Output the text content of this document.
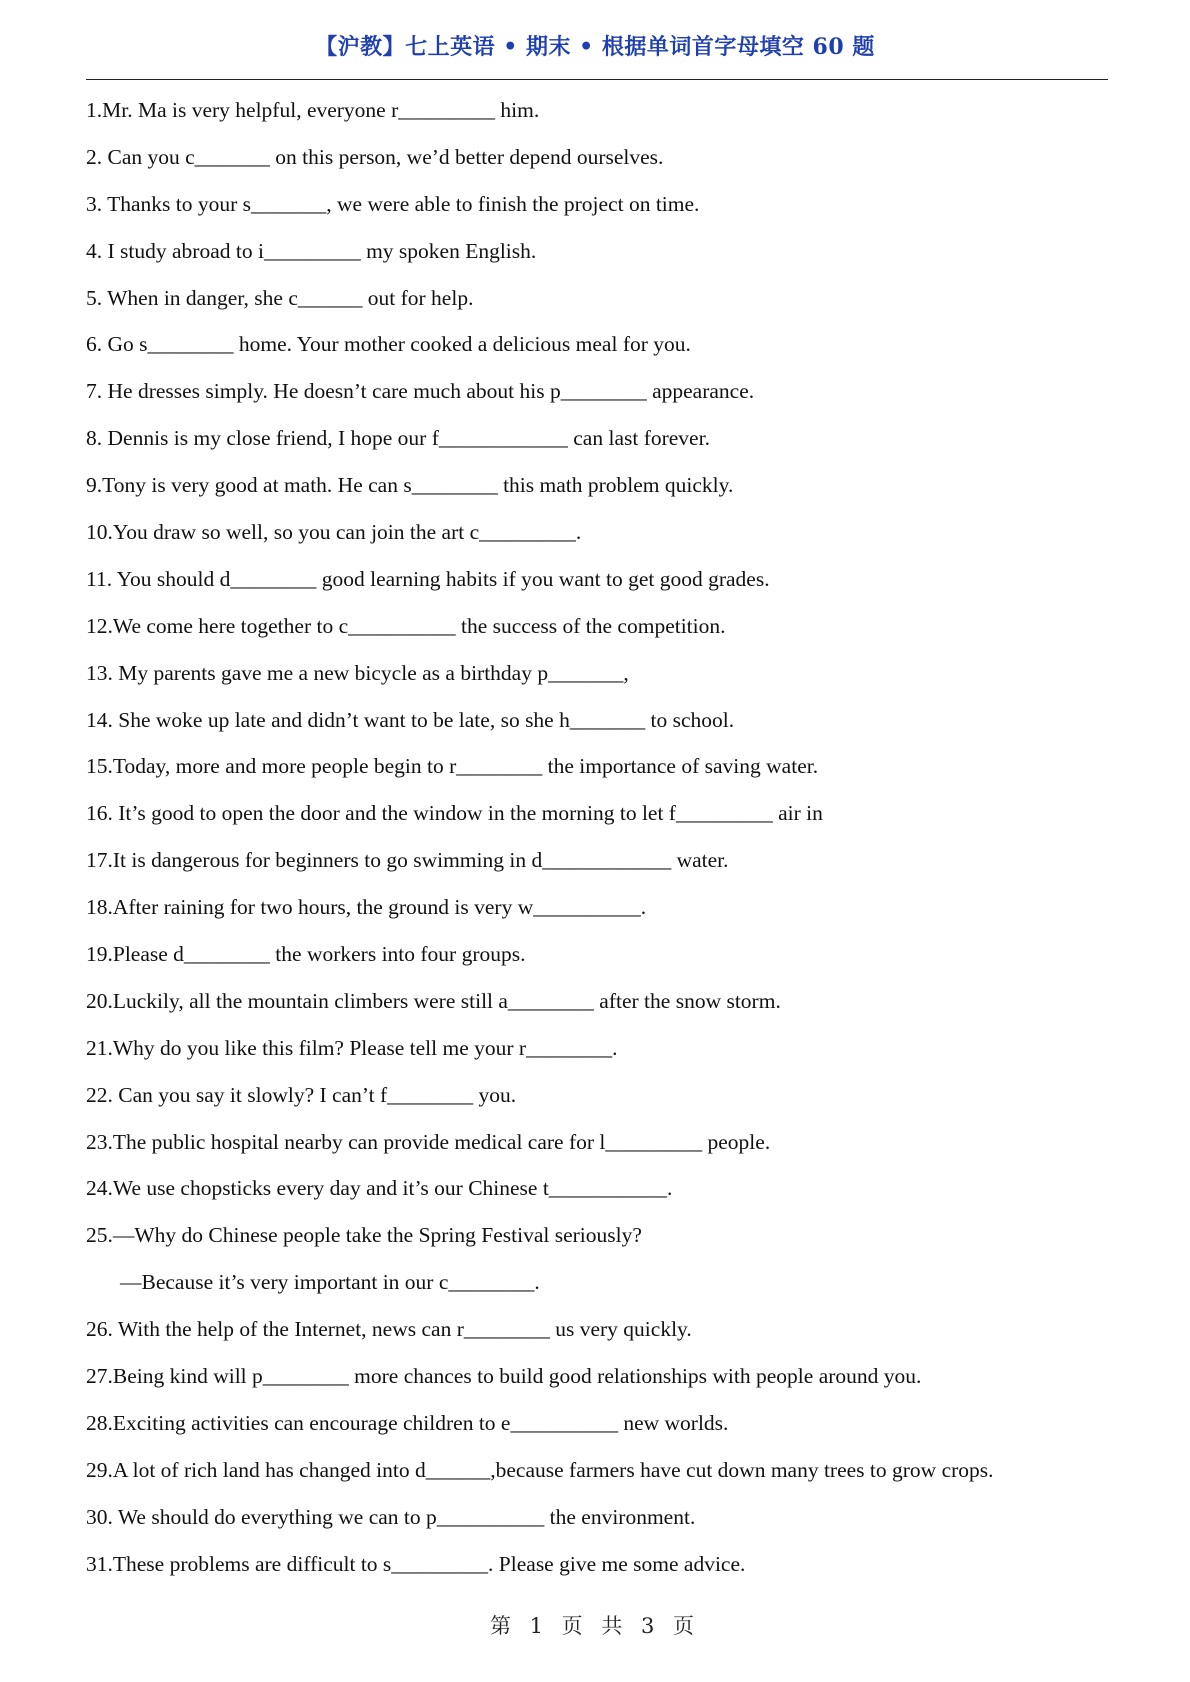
【沪教】七上英语 • 期末 • 根据单词首字母填空 60 题
1.Mr. Ma is very helpful, everyone r_________ him.
2. Can you c_______ on this person, we’d better depend ourselves.
3. Thanks to your s_______, we were able to finish the project on time.
4. I study abroad to i_________ my spoken English.
5. When in danger, she c______ out for help.
6. Go s________ home. Your mother cooked a delicious meal for you.
7. He dresses simply. He doesn’t care much about his p________ appearance.
8. Dennis is my close friend, I hope our f____________ can last forever.
9.Tony is very good at math. He can s________ this math problem quickly.
10.You draw so well, so you can join the art c_________.
11. You should d________ good learning habits if you want to get good grades.
12.We come here together to c__________ the success of the competition.
13. My parents gave me a new bicycle as a birthday p_______,
14. She woke up late and didn’t want to be late, so she h_______ to school.
15.Today, more and more people begin to r________ the importance of saving water.
16. It’s good to open the door and the window in the morning to let f_________ air in
17.It is dangerous for beginners to go swimming in d____________ water.
18.After raining for two hours, the ground is very w__________.
19.Please d________ the workers into four groups.
20.Luckily, all the mountain climbers were still a________ after the snow storm.
21.Why do you like this film? Please tell me your r________.
22. Can you say it slowly? I can’t f________ you.
23.The public hospital nearby can provide medical care for l_________ people.
24.We use chopsticks every day and it’s our Chinese t___________.
25.—Why do Chinese people take the Spring Festival seriously?
—Because it’s very important in our c________.
26. With the help of the Internet, news can r________ us very quickly.
27.Being kind will p________ more chances to build good relationships with people around you.
28.Exciting activities can encourage children to e__________ new worlds.
29.A lot of rich land has changed into d______,because farmers have cut down many trees to grow crops.
30. We should do everything we can to p__________ the environment.
31.These problems are difficult to s_________. Please give me some advice.
第 1 页 共 3 页
